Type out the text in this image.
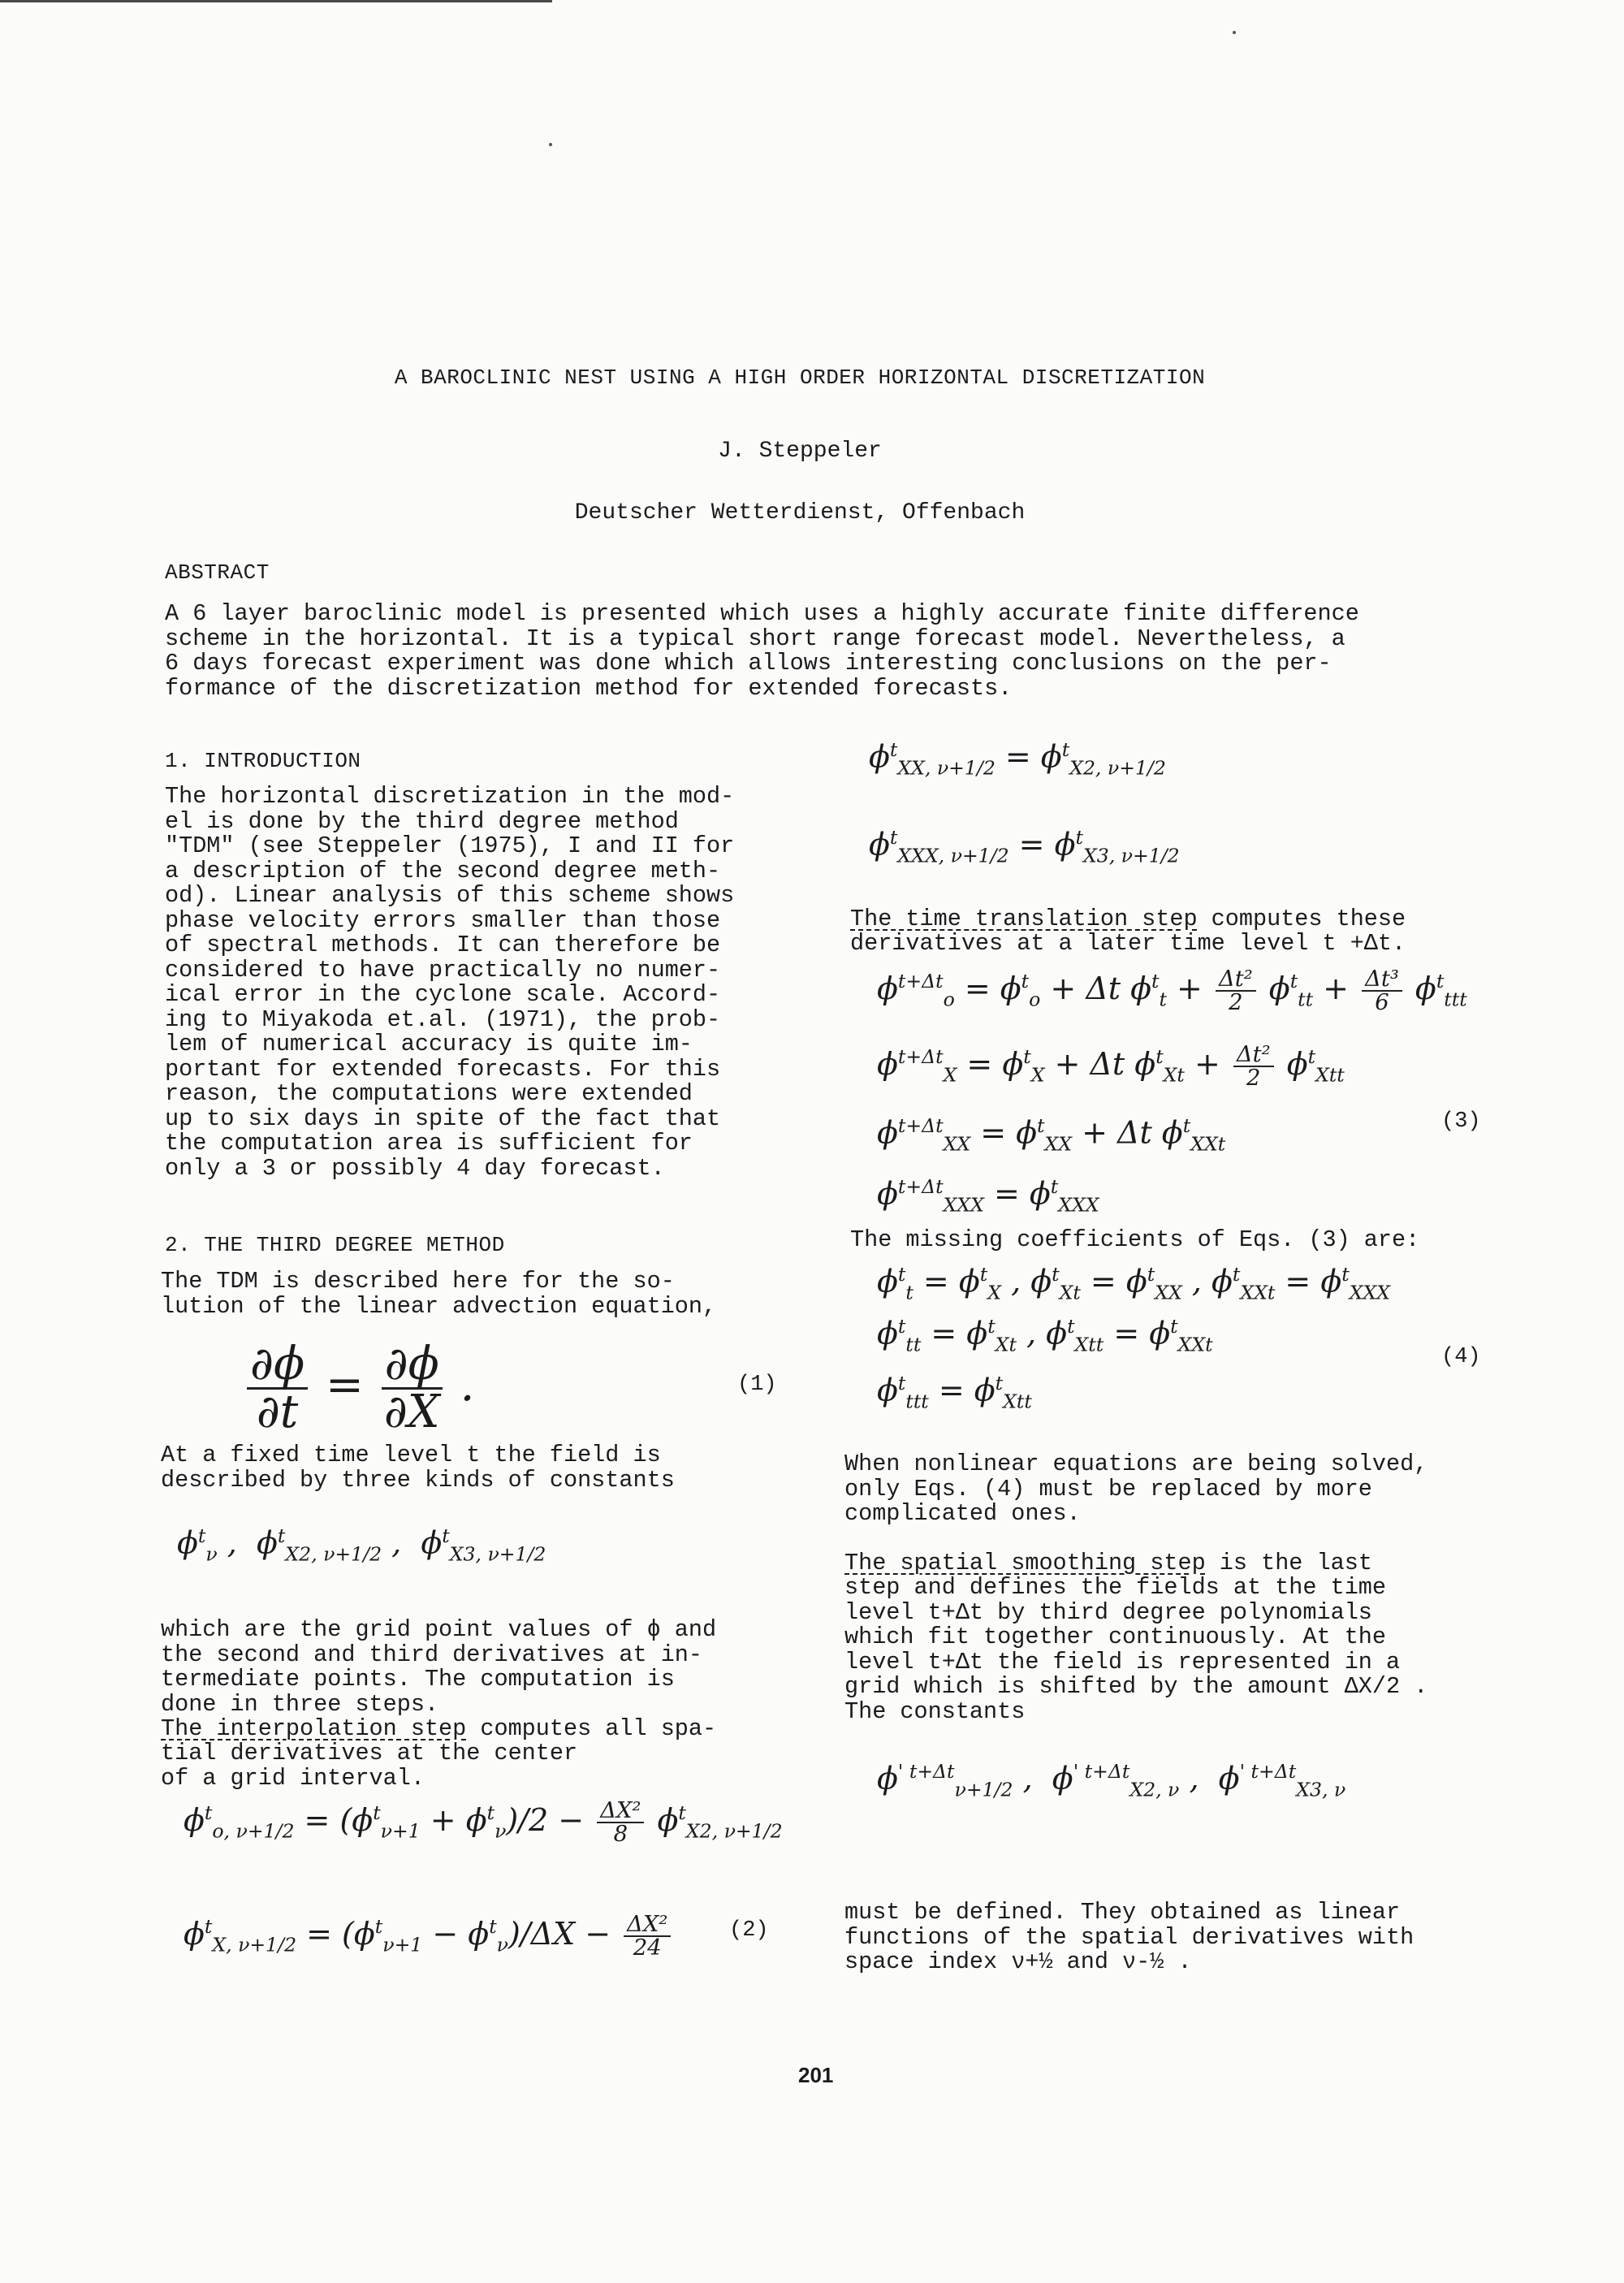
A BAROCLINIC NEST USING A HIGH ORDER HORIZONTAL DISCRETIZATION

J. Steppeler

Deutscher Wetterdienst, Offenbach

ABSTRACT

A 6 layer baroclinic model is presented which uses a highly accurate finite difference
scheme in the horizontal. It is a typical short range forecast model. Nevertheless, a
6 days forecast experiment was done which allows interesting conclusions on the per-
formance of the discretization method for extended forecasts.

1. INTRODUCTION

The horizontal discretization in the mod-
el is done by the third degree method
"TDM" (see Steppeler (1975), I and II for
a description of the second degree meth-
od). Linear analysis of this scheme shows
phase velocity errors smaller than those
of spectral methods. It can therefore be
considered to have practically no numer-
ical error in the cyclone scale. Accord-
ing to Miyakoda et.al. (1971), the prob-
lem of numerical accuracy is quite im-
portant for extended forecasts. For this
reason, the computations were extended
up to six days in spite of the fact that
the computation area is sufficient for
only a 3 or possibly 4 day forecast.

2. THE THIRD DEGREE METHOD

The TDM is described here for the so-
lution of the linear advection equation,

$\frac{\partial\phi}{\partial t} = \frac{\partial\phi}{\partial X}$ .	(1)

At a fixed time level t the field is
described by three kinds of constants

$\phi^t_\nu$ ,  $\phi^t_{X2, \nu+1/2}$ ,  $\phi^t_{X3, \nu+1/2}$

which are the grid point values of ϕ and
the second and third derivatives at in-
termediate points. The computation is
done in three steps.

The interpolation step computes all spa-

tial derivatives at the center
of a grid interval.

$\phi^t_{o, \nu+1/2} = (\phi^t_{\nu+1} + \phi^t_\nu)/2 - \frac{\text{ΔX²}}{8} \phi^t_{X2, \nu+1/2}$
$\phi^t_{X, \nu+1/2} = (\phi^t_{\nu+1} - \phi^t_\nu)/\Delta X - \frac{\text{ΔX²}}{24}$	(2)

$\phi^t_{XX, \nu+1/2} = \phi^t_{X2, \nu+1/2}$
$\phi^t_{XXX, \nu+1/2} = \phi^t_{X3, \nu+1/2}$

The time translation step computes these

derivatives at a later time level t +Δt.

$\phi^{t+\Delta t}_o = \phi^t_o + \Delta t$ $\phi^t_t + \frac{\text{Δt²}}{2} \phi^t_{tt} + \frac{\text{Δt³}}{6} \phi^t_{ttt}$
$\phi^{t+\Delta t}_X = \phi^t_X + \Delta t$ $\phi^t_{Xt} + \frac{\text{Δt²}}{2} \phi^t_{Xtt}$
$\phi^{t+\Delta t}_{XX} = \phi^t_{XX} + \Delta t$ $\phi^t_{XXt}$
$\phi^{t+\Delta t}_{XXX} = \phi^t_{XXX}$

(3)

The missing coefficients of Eqs. (3) are:

$\phi^t_t = \phi^t_X$ , $\phi^t_{Xt} = \phi^t_{XX}$ , $\phi^t_{XXt} = \phi^t_{XXX}$
$\phi^t_{tt} = \phi^t_{Xt}$ , $\phi^t_{Xtt} = \phi^t_{XXt}$
$\phi^t_{ttt} = \phi^t_{Xtt}$

(4)

When nonlinear equations are being solved,
only Eqs. (4) must be replaced by more
complicated ones.

The spatial smoothing step is the last

step and defines the fields at the time
level t+Δt by third degree polynomials
which fit together continuously. At the
level t+Δt the field is represented in a
grid which is shifted by the amount ΔX/2 .
The constants

$\phi^{' t+\Delta t}_{\nu+1/2}$ ,  $\phi^{' t+\Delta t}_{X2, \nu}$ ,  $\phi^{' t+\Delta t}_{X3, \nu}$

must be defined. They obtained as linear
functions of the spatial derivatives with
space index ν+½ and ν-½ .

201
